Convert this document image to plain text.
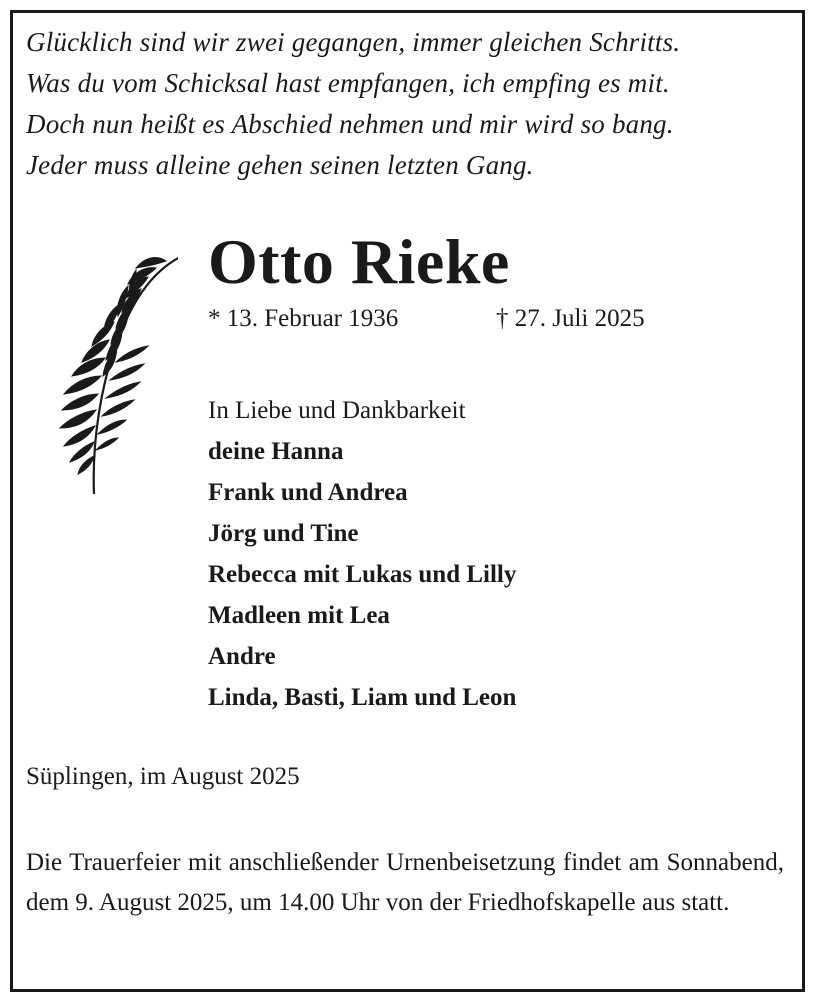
Glücklich sind wir zwei gegangen, immer gleichen Schritts.
Was du vom Schicksal hast empfangen, ich empfing es mit.
Doch nun heißt es Abschied nehmen und mir wird so bang.
Jeder muss alleine gehen seinen letzten Gang.
Otto Rieke
* 13. Februar 1936	† 27. Juli 2025
In Liebe und Dankbarkeit
deine Hanna
Frank und Andrea
Jörg und Tine
Rebecca mit Lukas und Lilly
Madleen mit Lea
Andre
Linda, Basti, Liam und Leon
Süplingen, im August 2025
Die Trauerfeier mit anschließender Urnenbeisetzung findet am Sonnabend, dem 9. August 2025, um 14.00 Uhr von der Friedhofskapelle aus statt.
